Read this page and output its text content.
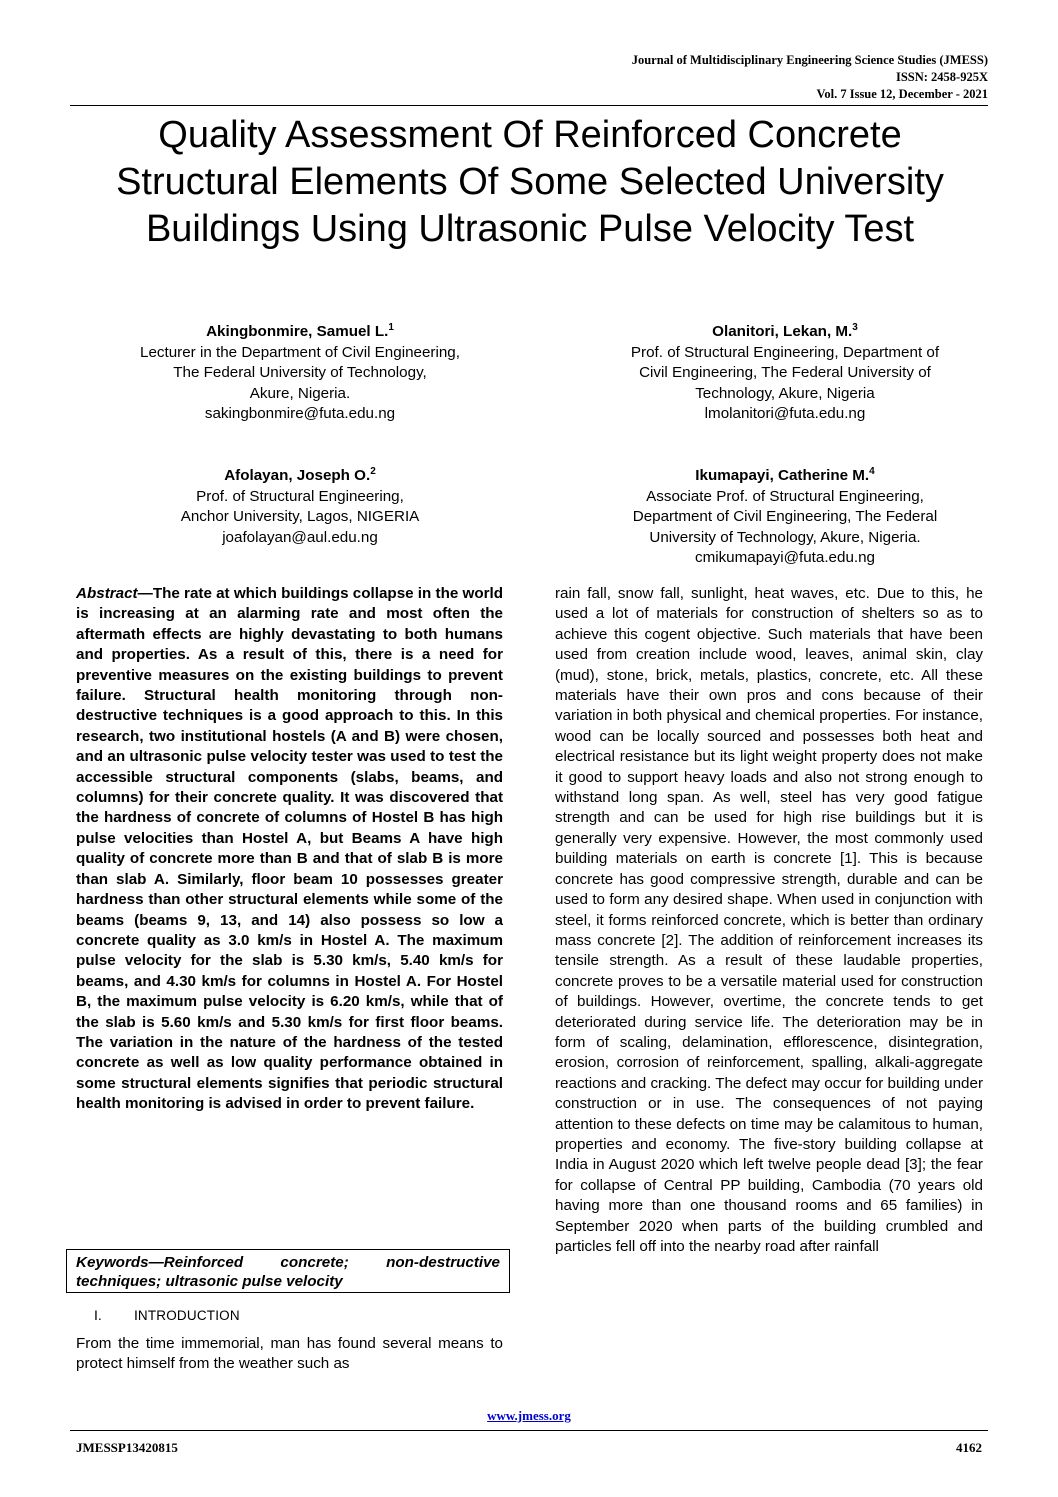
Journal of Multidisciplinary Engineering Science Studies (JMESS)
ISSN: 2458-925X
Vol. 7 Issue 12, December - 2021
Quality Assessment Of Reinforced Concrete Structural Elements Of Some Selected University Buildings Using Ultrasonic Pulse Velocity Test
Akingbonmire, Samuel L.$^1$
Lecturer in the Department of Civil Engineering,
The Federal University of Technology,
Akure, Nigeria.
sakingbonmire@futa.edu.ng
Olanitori, Lekan, M.$^3$
Prof. of Structural Engineering, Department of
Civil Engineering, The Federal University of
Technology, Akure, Nigeria
lmolanitori@futa.edu.ng
Afolayan, Joseph O.$^2$
Prof. of Structural Engineering,
Anchor University, Lagos, NIGERIA
joafolayan@aul.edu.ng
Ikumapayi, Catherine M.$^4$
Associate Prof. of Structural Engineering,
Department of Civil Engineering, The Federal
University of Technology, Akure, Nigeria.
cmikumapayi@futa.edu.ng
Abstract—The rate at which buildings collapse in the world is increasing at an alarming rate and most often the aftermath effects are highly devastating to both humans and properties. As a result of this, there is a need for preventive measures on the existing buildings to prevent failure. Structural health monitoring through non-destructive techniques is a good approach to this. In this research, two institutional hostels (A and B) were chosen, and an ultrasonic pulse velocity tester was used to test the accessible structural components (slabs, beams, and columns) for their concrete quality. It was discovered that the hardness of concrete of columns of Hostel B has high pulse velocities than Hostel A, but Beams A have high quality of concrete more than B and that of slab B is more than slab A. Similarly, floor beam 10 possesses greater hardness than other structural elements while some of the beams (beams 9, 13, and 14) also possess so low a concrete quality as 3.0 km/s in Hostel A. The maximum pulse velocity for the slab is 5.30 km/s, 5.40 km/s for beams, and 4.30 km/s for columns in Hostel A. For Hostel B, the maximum pulse velocity is 6.20 km/s, while that of the slab is 5.60 km/s and 5.30 km/s for first floor beams. The variation in the nature of the hardness of the tested concrete as well as low quality performance obtained in some structural elements signifies that periodic structural health monitoring is advised in order to prevent failure.
Keywords—Reinforced concrete; non-destructive techniques; ultrasonic pulse velocity
I. INTRODUCTION
From the time immemorial, man has found several means to protect himself from the weather such as
rain fall, snow fall, sunlight, heat waves, etc. Due to this, he used a lot of materials for construction of shelters so as to achieve this cogent objective. Such materials that have been used from creation include wood, leaves, animal skin, clay (mud), stone, brick, metals, plastics, concrete, etc. All these materials have their own pros and cons because of their variation in both physical and chemical properties. For instance, wood can be locally sourced and possesses both heat and electrical resistance but its light weight property does not make it good to support heavy loads and also not strong enough to withstand long span. As well, steel has very good fatigue strength and can be used for high rise buildings but it is generally very expensive. However, the most commonly used building materials on earth is concrete [1]. This is because concrete has good compressive strength, durable and can be used to form any desired shape. When used in conjunction with steel, it forms reinforced concrete, which is better than ordinary mass concrete [2]. The addition of reinforcement increases its tensile strength. As a result of these laudable properties, concrete proves to be a versatile material used for construction of buildings. However, overtime, the concrete tends to get deteriorated during service life. The deterioration may be in form of scaling, delamination, efflorescence, disintegration, erosion, corrosion of reinforcement, spalling, alkali-aggregate reactions and cracking. The defect may occur for building under construction or in use. The consequences of not paying attention to these defects on time may be calamitous to human, properties and economy. The five-story building collapse at India in August 2020 which left twelve people dead [3]; the fear for collapse of Central PP building, Cambodia (70 years old having more than one thousand rooms and 65 families) in September 2020 when parts of the building crumbled and particles fell off into the nearby road after rainfall
www.jmess.org
JMESSP13420815	4162
